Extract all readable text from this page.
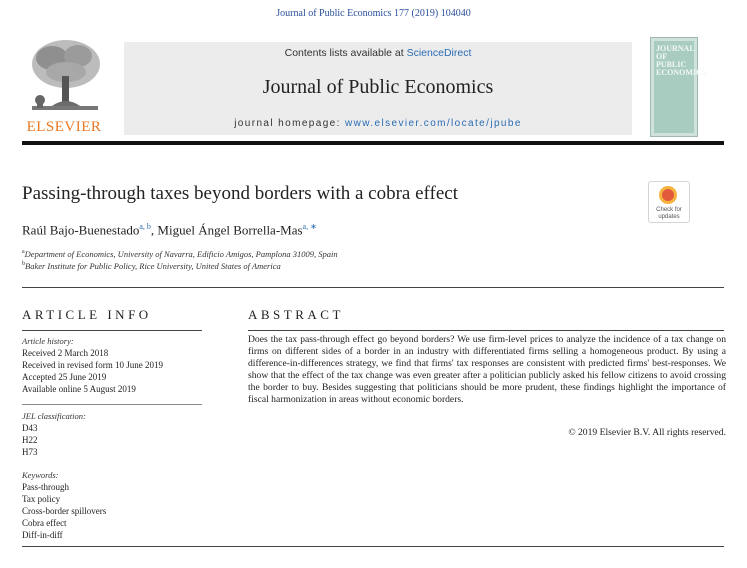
Journal of Public Economics 177 (2019) 104040
ELSEVIER
Contents lists available at ScienceDirect
Journal of Public Economics
journal homepage: www.elsevier.com/locate/jpube
JOURNAL OF PUBLIC ECONOMICS
Passing-through taxes beyond borders with a cobra effect
Check for updates
Raúl Bajo-Buenestado$^{a, b}$, Miguel Ángel Borrella-Mas$^{a, ∗}$
$^a$Department of Economics, University of Navarra, Edificio Amigos, Pamplona 31009, Spain
$^b$Baker Institute for Public Policy, Rice University, United States of America
ARTICLE INFO
Article history:
Received 2 March 2018
Received in revised form 10 June 2019
Accepted 25 June 2019
Available online 5 August 2019
JEL classification:
D43
H22
H73
Keywords:
Pass-through
Tax policy
Cross-border spillovers
Cobra effect
Diff-in-diff
ABSTRACT
Does the tax pass-through effect go beyond borders? We use firm-level prices to analyze the incidence of a tax change on firms on different sides of a border in an industry with differentiated firms selling a homogeneous product. By using a difference-in-differences strategy, we find that firms' tax responses are consistent with predicted firms' best-responses. We show that the effect of the tax change was even greater after a politician publicly asked his fellow citizens to avoid crossing the border to buy. Besides suggesting that politicians should be more prudent, these findings highlight the importance of fiscal harmonization in areas without economic borders.
© 2019 Elsevier B.V. All rights reserved.
